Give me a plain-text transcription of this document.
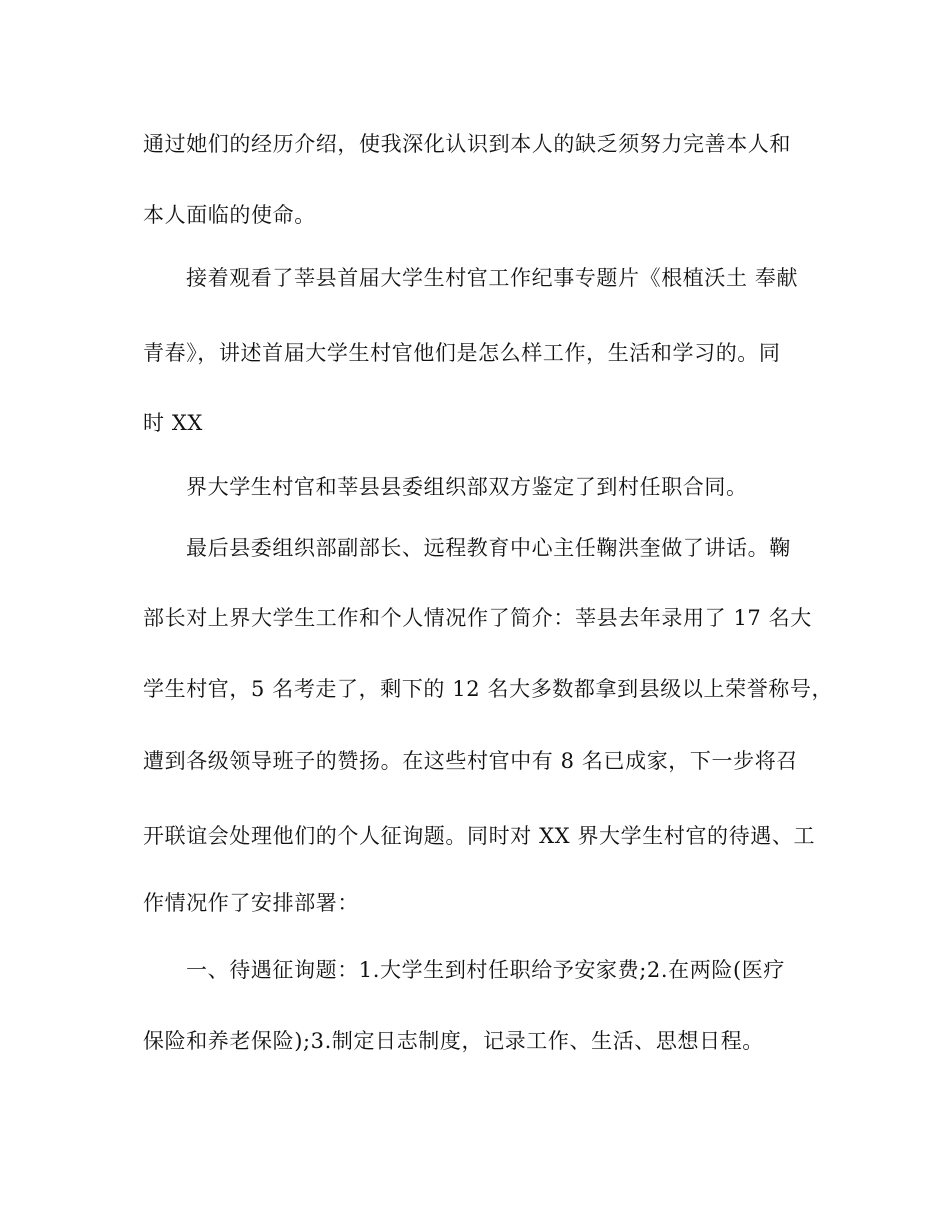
通过她们的经历介绍，使我深化认识到本人的缺乏须努力完善本人和
本人面临的使命。
接着观看了莘县首届大学生村官工作纪事专题片《根植沃土 奉献
青春》，讲述首届大学生村官他们是怎么样工作，生活和学习的。同
时 XX
界大学生村官和莘县县委组织部双方鉴定了到村任职合同。
最后县委组织部副部长、远程教育中心主任鞠洪奎做了讲话。鞠
部长对上界大学生工作和个人情况作了简介：莘县去年录用了 17 名大
学生村官，5 名考走了，剩下的 12 名大多数都拿到县级以上荣誉称号，
遭到各级领导班子的赞扬。在这些村官中有 8 名已成家，下一步将召
开联谊会处理他们的个人征询题。同时对 XX 界大学生村官的待遇、工
作情况作了安排部署：
一、待遇征询题：1.大学生到村任职给予安家费;2.在两险(医疗
保险和养老保险);3.制定日志制度，记录工作、生活、思想日程。
